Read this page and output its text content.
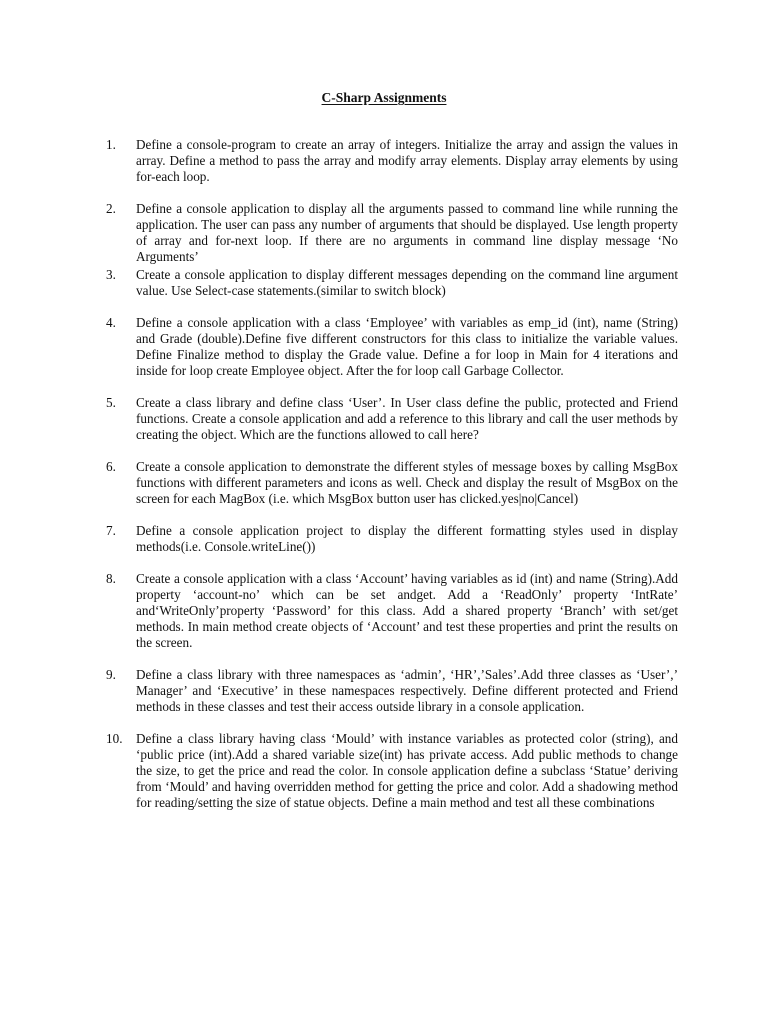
C-Sharp Assignments
1.	Define a console-program to create an array of integers. Initialize the array and assign the values in array. Define a method to pass the array and modify array elements. Display array elements by using for-each loop.
2.	Define a console application to display all the arguments passed to command line while running the application. The user can pass any number of arguments that should be displayed. Use length property of array and for-next loop. If there are no arguments in command line display message ‘No Arguments’
3.	Create a console application to display different messages depending on the command line argument value. Use Select-case statements.(similar to switch block)
4.	Define a console application with a class ‘Employee’ with variables as emp_id (int), name (String) and Grade (double).Define five different constructors for this class to initialize the variable values. Define Finalize method to display the Grade value. Define a for loop in Main for 4 iterations and inside for loop create Employee object. After the for loop call Garbage Collector.
5.	Create a class library and define class ‘User’. In User class define the public, protected and Friend functions. Create a console application and add a reference to this library and call the user methods by creating the object. Which are the functions allowed to call here?
6.	Create a console application to demonstrate the different styles of message boxes by calling MsgBox functions with different parameters and icons as well. Check and display the result of MsgBox on the screen for each MagBox (i.e. which MsgBox button user has clicked.yes|no|Cancel)
7.	Define a console application project to display the different formatting styles used in display methods(i.e. Console.writeLine())
8.	Create a console application with a class ‘Account’ having variables as id (int) and name (String).Add property ‘account-no’ which can be set andget. Add a ‘ReadOnly’ property ‘IntRate’ and‘WriteOnly’property ‘Password’ for this class. Add a shared property ‘Branch’ with set/get methods. In main method create objects of ‘Account’ and test these properties and print the results on the screen.
9.	Define a class library with three namespaces as ‘admin’, ‘HR’,’Sales’.Add three classes as ‘User’,’ Manager’ and ‘Executive’ in these namespaces respectively. Define different protected and Friend methods in these classes and test their access outside library in a console application.
10.	Define a class library having class ‘Mould’ with instance variables as protected color (string), and ‘public price (int).Add a shared variable size(int) has private access. Add public methods to change the size, to get the price and read the color. In console application define a subclass ‘Statue’ deriving from ‘Mould’ and having overridden method for getting the price and color. Add a shadowing method for reading/setting the size of statue objects. Define a main method and test all these combinations
